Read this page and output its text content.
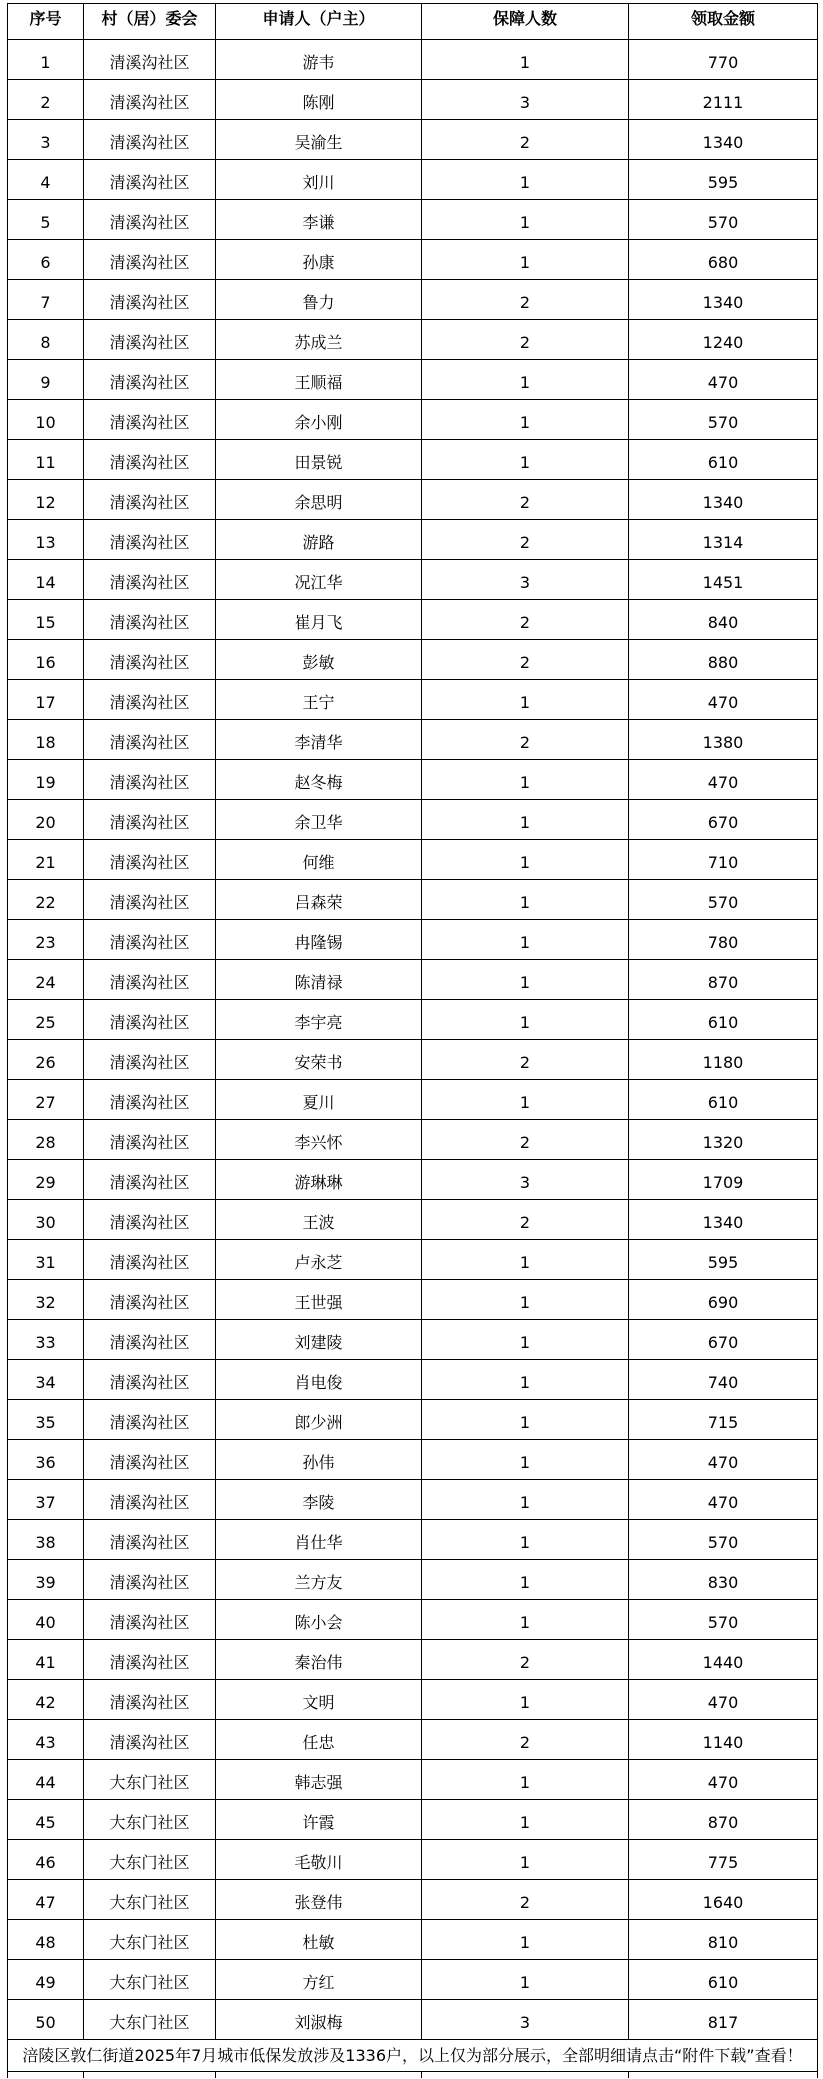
序号	村（居）委会	申请人（户主）	保障人数	领取金额
1	清溪沟社区	游韦	1	770
2	清溪沟社区	陈刚	3	2111
3	清溪沟社区	吴渝生	2	1340
4	清溪沟社区	刘川	1	595
5	清溪沟社区	李谦	1	570
6	清溪沟社区	孙康	1	680
7	清溪沟社区	鲁力	2	1340
8	清溪沟社区	苏成兰	2	1240
9	清溪沟社区	王顺福	1	470
10	清溪沟社区	余小刚	1	570
11	清溪沟社区	田景锐	1	610
12	清溪沟社区	余思明	2	1340
13	清溪沟社区	游路	2	1314
14	清溪沟社区	况江华	3	1451
15	清溪沟社区	崔月飞	2	840
16	清溪沟社区	彭敏	2	880
17	清溪沟社区	王宁	1	470
18	清溪沟社区	李清华	2	1380
19	清溪沟社区	赵冬梅	1	470
20	清溪沟社区	余卫华	1	670
21	清溪沟社区	何维	1	710
22	清溪沟社区	吕森荣	1	570
23	清溪沟社区	冉隆锡	1	780
24	清溪沟社区	陈清禄	1	870
25	清溪沟社区	李宇亮	1	610
26	清溪沟社区	安荣书	2	1180
27	清溪沟社区	夏川	1	610
28	清溪沟社区	李兴怀	2	1320
29	清溪沟社区	游琳琳	3	1709
30	清溪沟社区	王波	2	1340
31	清溪沟社区	卢永芝	1	595
32	清溪沟社区	王世强	1	690
33	清溪沟社区	刘建陵	1	670
34	清溪沟社区	肖电俊	1	740
35	清溪沟社区	郎少洲	1	715
36	清溪沟社区	孙伟	1	470
37	清溪沟社区	李陵	1	470
38	清溪沟社区	肖仕华	1	570
39	清溪沟社区	兰方友	1	830
40	清溪沟社区	陈小会	1	570
41	清溪沟社区	秦治伟	2	1440
42	清溪沟社区	文明	1	470
43	清溪沟社区	任忠	2	1140
44	大东门社区	韩志强	1	470
45	大东门社区	许霞	1	870
46	大东门社区	毛敬川	1	775
47	大东门社区	张登伟	2	1640
48	大东门社区	杜敏	1	810
49	大东门社区	方红	1	610
50	大东门社区	刘淑梅	3	817
涪陵区敦仁街道2025年7月城市低保发放涉及1336户，以上仅为部分展示，全部明细请点击“附件下载”查看！
